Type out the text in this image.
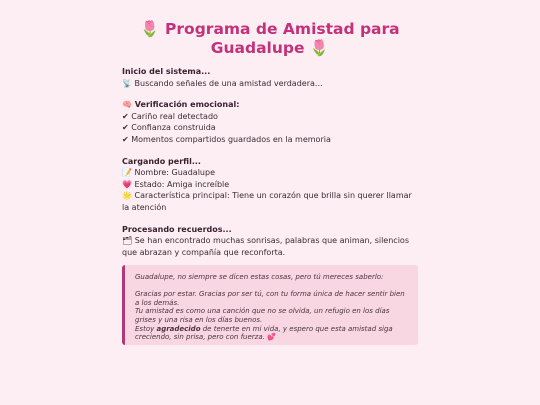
🌷 Programa de Amistad para
Guadalupe 🌷
Inicio del sistema...
📡 Buscando señales de una amistad verdadera...
🧠 Verificación emocional:
✔ Cariño real detectado
✔ Confianza construida
✔ Momentos compartidos guardados en la memoria
Cargando perfil...
📝 Nombre: Guadalupe
💗 Estado: Amiga increíble
🌟 Característica principal: Tiene un corazón que brilla sin querer llamar la atención
Procesando recuerdos...
🗂 Se han encontrado muchas sonrisas, palabras que animan, silencios que abrazan y compañía que reconforta.
Guadalupe, no siempre se dicen estas cosas, pero tú mereces saberlo:
Gracias por estar. Gracias por ser tú, con tu forma única de hacer sentir bien a los demás.
Tu amistad es como una canción que no se olvida, un refugio en los días grises y una risa en los días buenos.
Estoy agradecido de tenerte en mi vida, y espero que esta amistad siga creciendo, sin prisa, pero con fuerza. 💕
